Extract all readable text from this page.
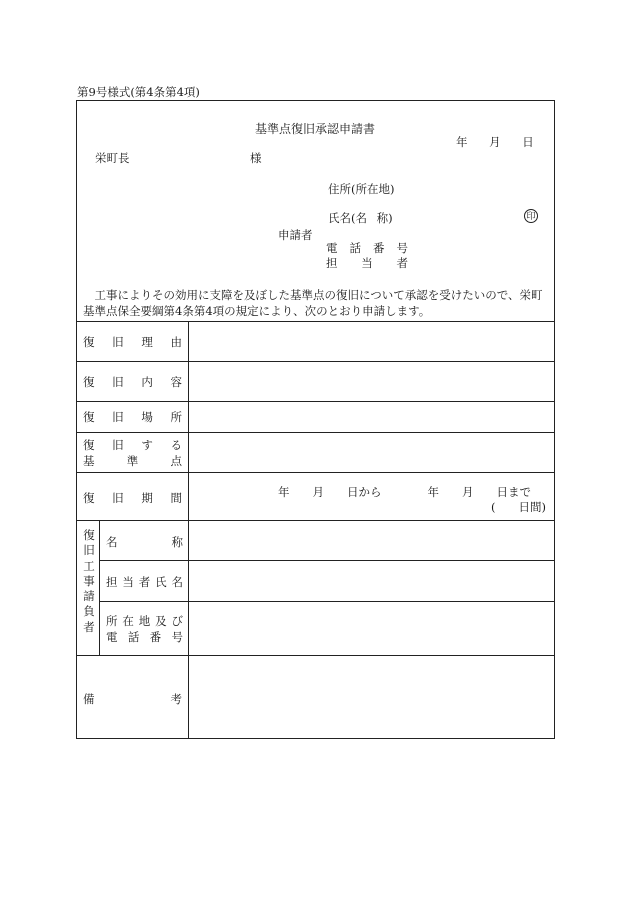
第9号様式(第4条第4項)
基準点復旧承認申請書
年 月 日
栄町長	様
住所(所在地)
氏名(名 称)	印
申請者
電 話 番 号
担 当 者
　工事によりその効用に支障を及ぼした基準点の復旧について承認を受けたいので、栄町
基準点保全要綱第4条第4項の規定により、次のとおり申請します。
復 旧 理 由
復 旧 内 容
復 旧 場 所
復 旧 す る
基	準	点
復 旧 期 間	年　　月　　日から　　　　年　　月　　日まで
(　　日間)
復
旧
工
事
請
負
者
名	称
担 当 者 氏 名
所 在 地 及 び
電 話 番 号
備	考
